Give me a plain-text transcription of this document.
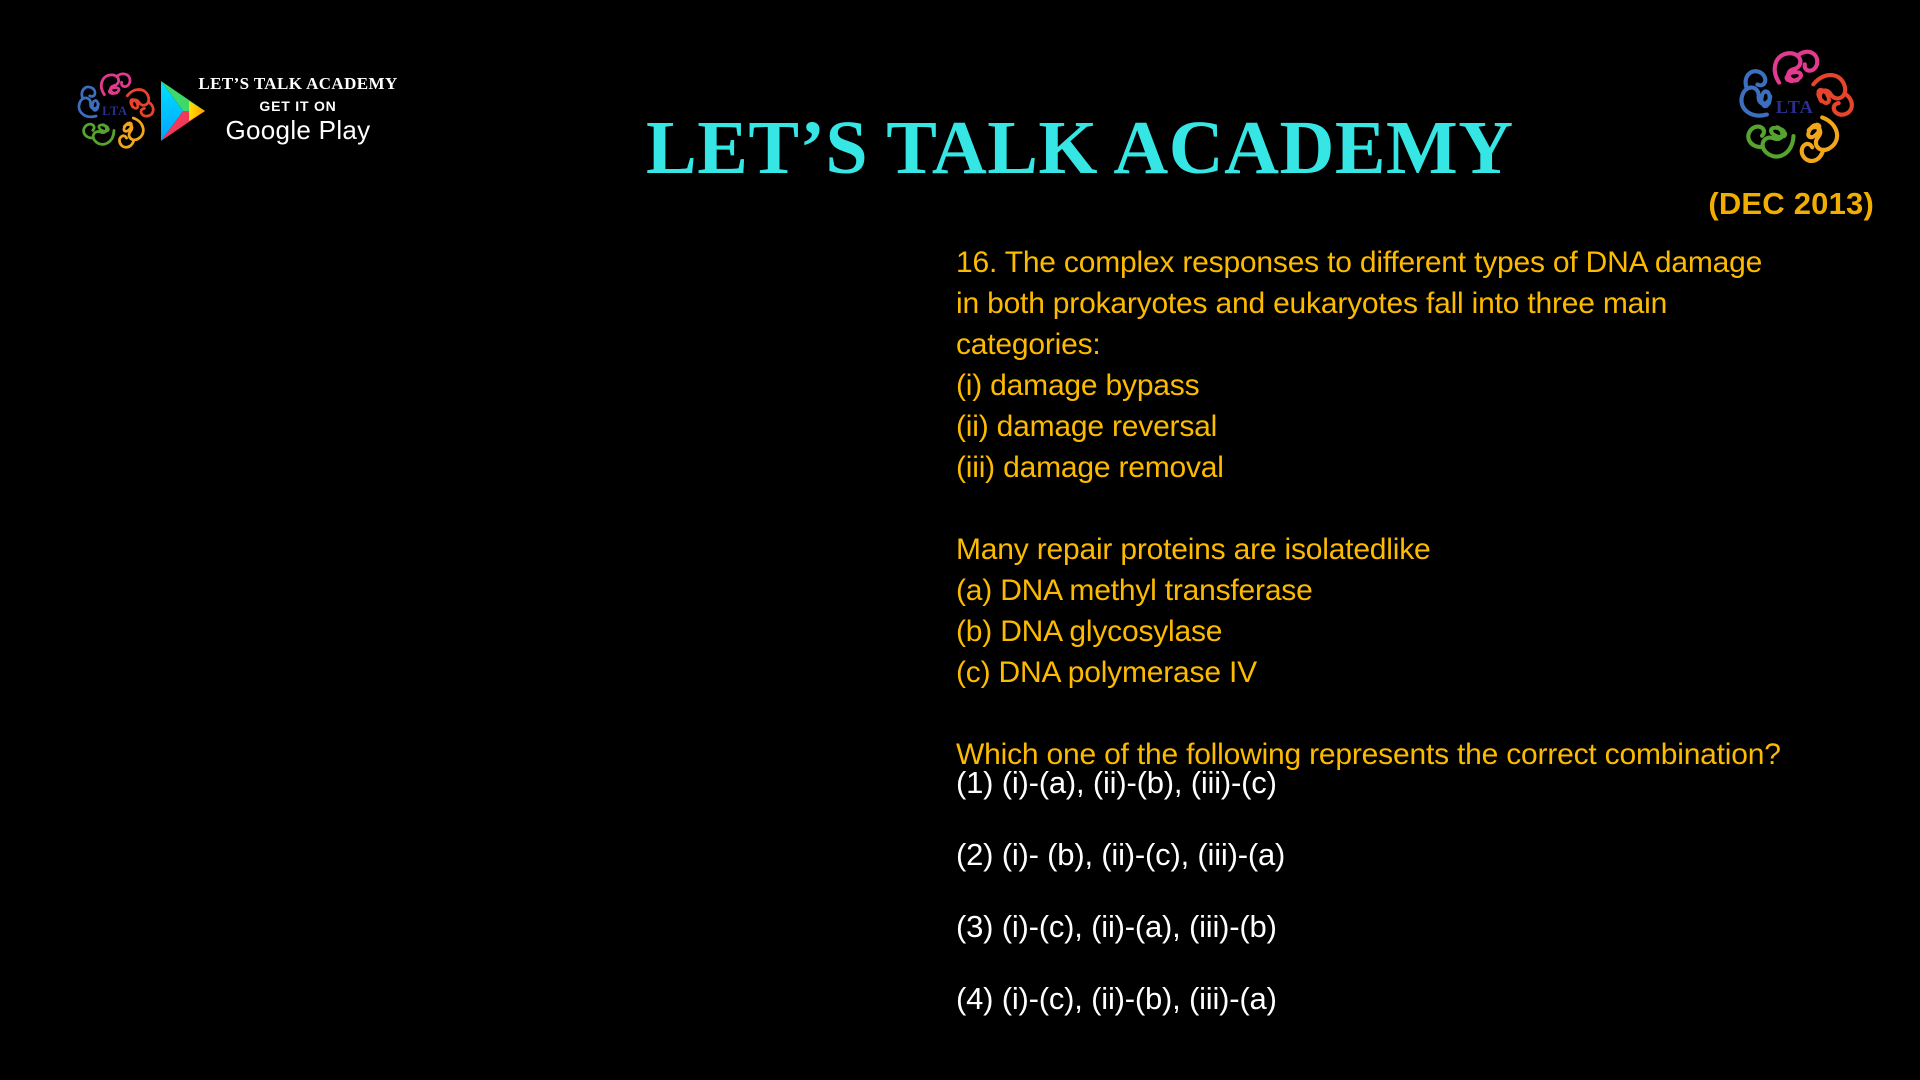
LET’S TALK ACADEMY
GET IT ON
Google Play	LET’S TALK ACADEMY
(DEC 2013)
16. The complex responses to different types of DNA damage
in both prokaryotes and eukaryotes fall into three main
categories:
(i) damage bypass
(ii) damage reversal
(iii) damage removal
Many repair proteins are isolatedlike
(a) DNA methyl transferase
(b) DNA glycosylase
(c) DNA polymerase IV
Which one of the following represents the correct combination?
(1) (i)-(a), (ii)-(b), (iii)-(c)
(2) (i)- (b), (ii)-(c), (iii)-(a)
(3) (i)-(c), (ii)-(a), (iii)-(b)
(4) (i)-(c), (ii)-(b), (iii)-(a)
